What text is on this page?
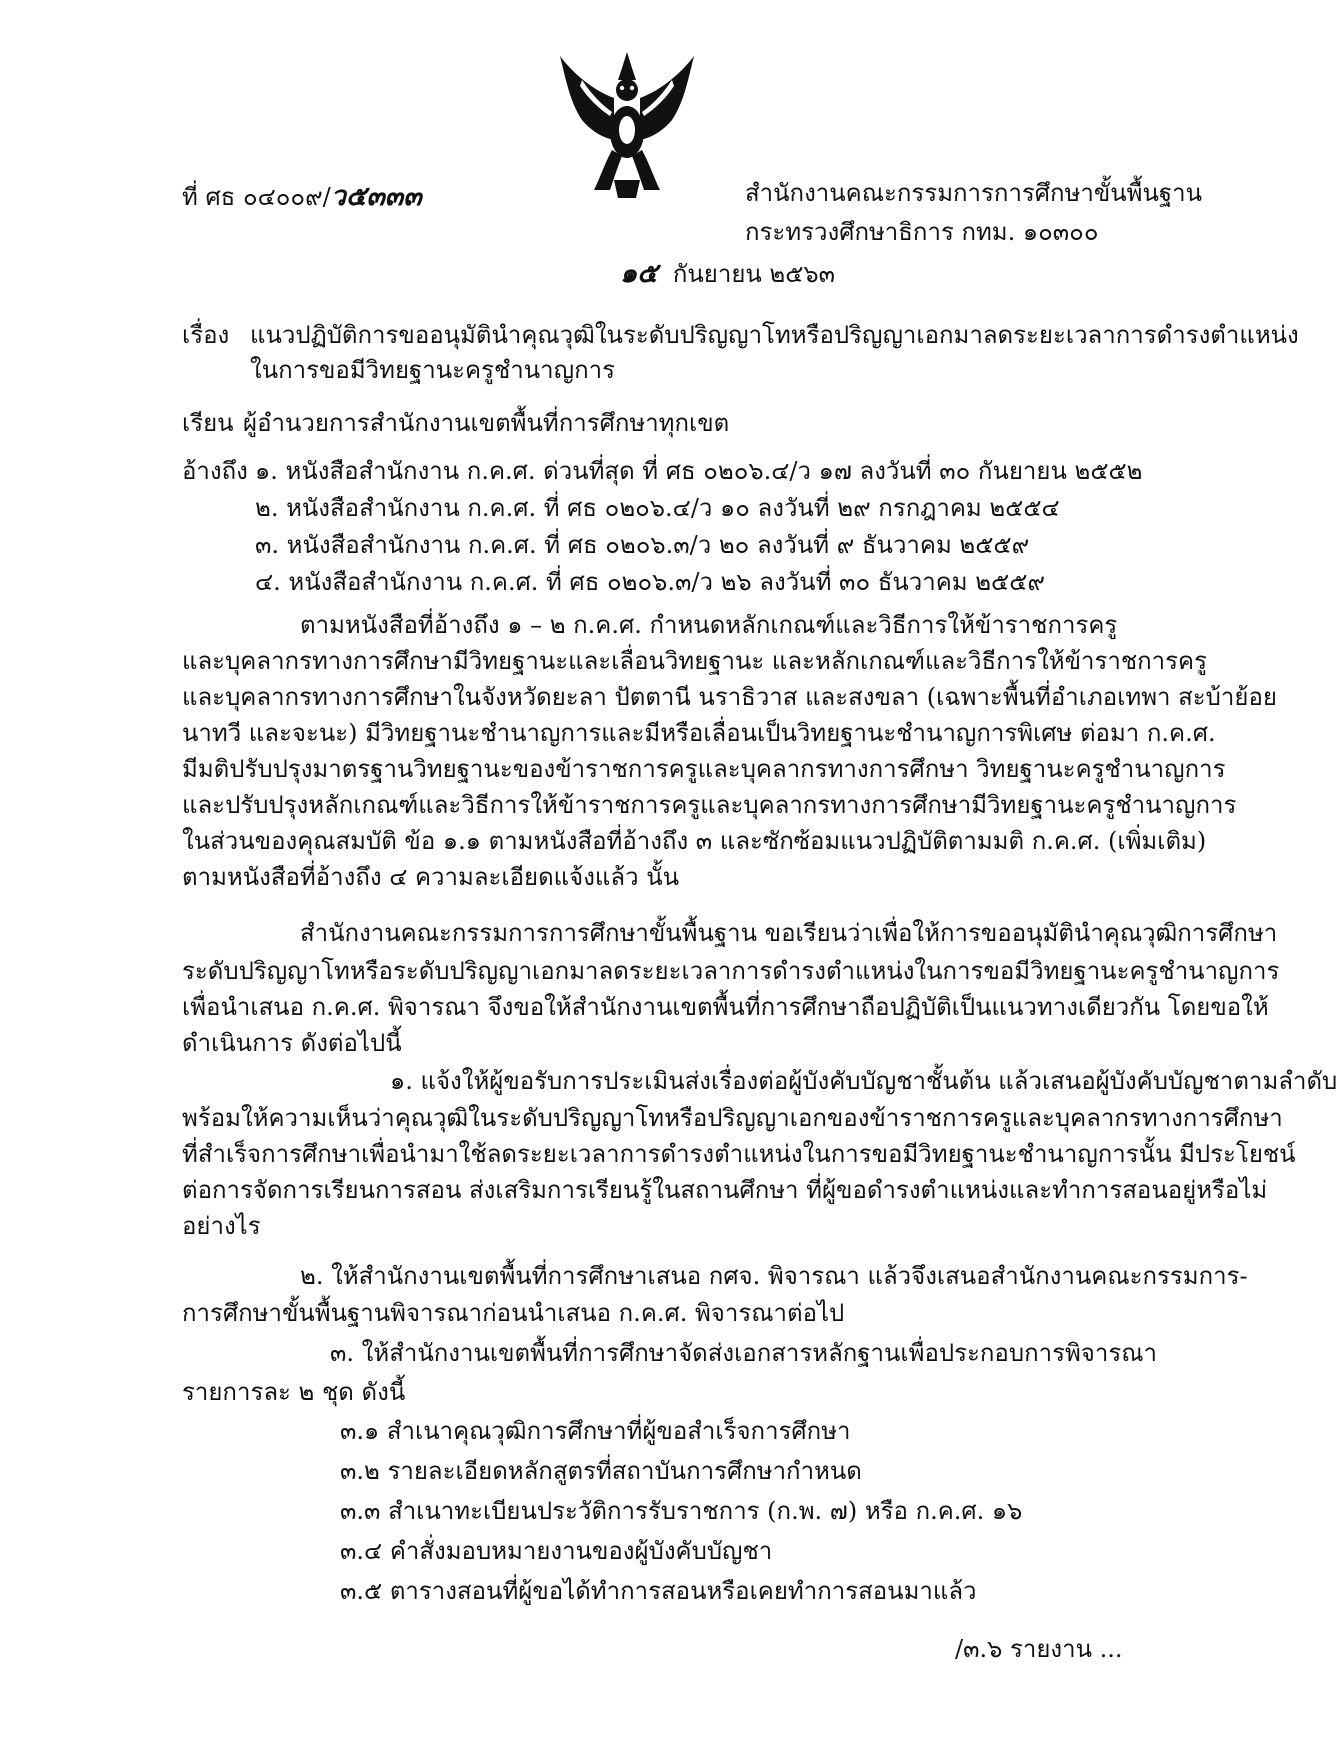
ที่ ศธ ๐๔๐๐๙/ว๕๓๓๓	สำนักงานคณะกรรมการการศึกษาขั้นพื้นฐาน
กระทรวงศึกษาธิการ กทม. ๑๐๓๐๐
๑๕ กันยายน ๒๕๖๓
เรื่อง แนวปฏิบัติการขออนุมัตินำคุณวุฒิในระดับปริญญาโทหรือปริญญาเอกมาลดระยะเวลาการดำรงตำแหน่ง
ในการขอมีวิทยฐานะครูชำนาญการ
เรียน ผู้อำนวยการสำนักงานเขตพื้นที่การศึกษาทุกเขต
อ้างถึง ๑. หนังสือสำนักงาน ก.ค.ศ. ด่วนที่สุด ที่ ศธ ๐๒๐๖.๔/ว ๑๗ ลงวันที่ ๓๐ กันยายน ๒๕๕๒
๒. หนังสือสำนักงาน ก.ค.ศ. ที่ ศธ ๐๒๐๖.๔/ว ๑๐ ลงวันที่ ๒๙ กรกฎาคม ๒๕๕๔
๓. หนังสือสำนักงาน ก.ค.ศ. ที่ ศธ ๐๒๐๖.๓/ว ๒๐ ลงวันที่ ๙ ธันวาคม ๒๕๕๙
๔. หนังสือสำนักงาน ก.ค.ศ. ที่ ศธ ๐๒๐๖.๓/ว ๒๖ ลงวันที่ ๓๐ ธันวาคม ๒๕๕๙
ตามหนังสือที่อ้างถึง ๑ – ๒ ก.ค.ศ. กำหนดหลักเกณฑ์และวิธีการให้ข้าราชการครู
และบุคลากรทางการศึกษามีวิทยฐานะและเลื่อนวิทยฐานะ และหลักเกณฑ์และวิธีการให้ข้าราชการครู
และบุคลากรทางการศึกษาในจังหวัดยะลา ปัตตานี นราธิวาส และสงขลา (เฉพาะพื้นที่อำเภอเทพา สะบ้าย้อย
นาทวี และจะนะ) มีวิทยฐานะชำนาญการและมีหรือเลื่อนเป็นวิทยฐานะชำนาญการพิเศษ ต่อมา ก.ค.ศ.
มีมติปรับปรุงมาตรฐานวิทยฐานะของข้าราชการครูและบุคลากรทางการศึกษา วิทยฐานะครูชำนาญการ
และปรับปรุงหลักเกณฑ์และวิธีการให้ข้าราชการครูและบุคลากรทางการศึกษามีวิทยฐานะครูชำนาญการ
ในส่วนของคุณสมบัติ ข้อ ๑.๑ ตามหนังสือที่อ้างถึง ๓ และซักซ้อมแนวปฏิบัติตามมติ ก.ค.ศ. (เพิ่มเติม)
ตามหนังสือที่อ้างถึง ๔ ความละเอียดแจ้งแล้ว นั้น
สำนักงานคณะกรรมการการศึกษาขั้นพื้นฐาน ขอเรียนว่าเพื่อให้การขออนุมัตินำคุณวุฒิการศึกษา
ระดับปริญญาโทหรือระดับปริญญาเอกมาลดระยะเวลาการดำรงตำแหน่งในการขอมีวิทยฐานะครูชำนาญการ
เพื่อนำเสนอ ก.ค.ศ. พิจารณา จึงขอให้สำนักงานเขตพื้นที่การศึกษาถือปฏิบัติเป็นแนวทางเดียวกัน โดยขอให้
ดำเนินการ ดังต่อไปนี้
๑. แจ้งให้ผู้ขอรับการประเมินส่งเรื่องต่อผู้บังคับบัญชาชั้นต้น แล้วเสนอผู้บังคับบัญชาตามลำดับ
พร้อมให้ความเห็นว่าคุณวุฒิในระดับปริญญาโทหรือปริญญาเอกของข้าราชการครูและบุคลากรทางการศึกษา
ที่สำเร็จการศึกษาเพื่อนำมาใช้ลดระยะเวลาการดำรงตำแหน่งในการขอมีวิทยฐานะชำนาญการนั้น มีประโยชน์
ต่อการจัดการเรียนการสอน ส่งเสริมการเรียนรู้ในสถานศึกษา ที่ผู้ขอดำรงตำแหน่งและทำการสอนอยู่หรือไม่
อย่างไร
๒. ให้สำนักงานเขตพื้นที่การศึกษาเสนอ กศจ. พิจารณา แล้วจึงเสนอสำนักงานคณะกรรมการ-
การศึกษาขั้นพื้นฐานพิจารณาก่อนนำเสนอ ก.ค.ศ. พิจารณาต่อไป
๓. ให้สำนักงานเขตพื้นที่การศึกษาจัดส่งเอกสารหลักฐานเพื่อประกอบการพิจารณา
รายการละ ๒ ชุด ดังนี้
๓.๑ สำเนาคุณวุฒิการศึกษาที่ผู้ขอสำเร็จการศึกษา
๓.๒ รายละเอียดหลักสูตรที่สถาบันการศึกษากำหนด
๓.๓ สำเนาทะเบียนประวัติการรับราชการ (ก.พ. ๗) หรือ ก.ค.ศ. ๑๖
๓.๔ คำสั่งมอบหมายงานของผู้บังคับบัญชา
๓.๕ ตารางสอนที่ผู้ขอได้ทำการสอนหรือเคยทำการสอนมาแล้ว
/๓.๖ รายงาน ...
